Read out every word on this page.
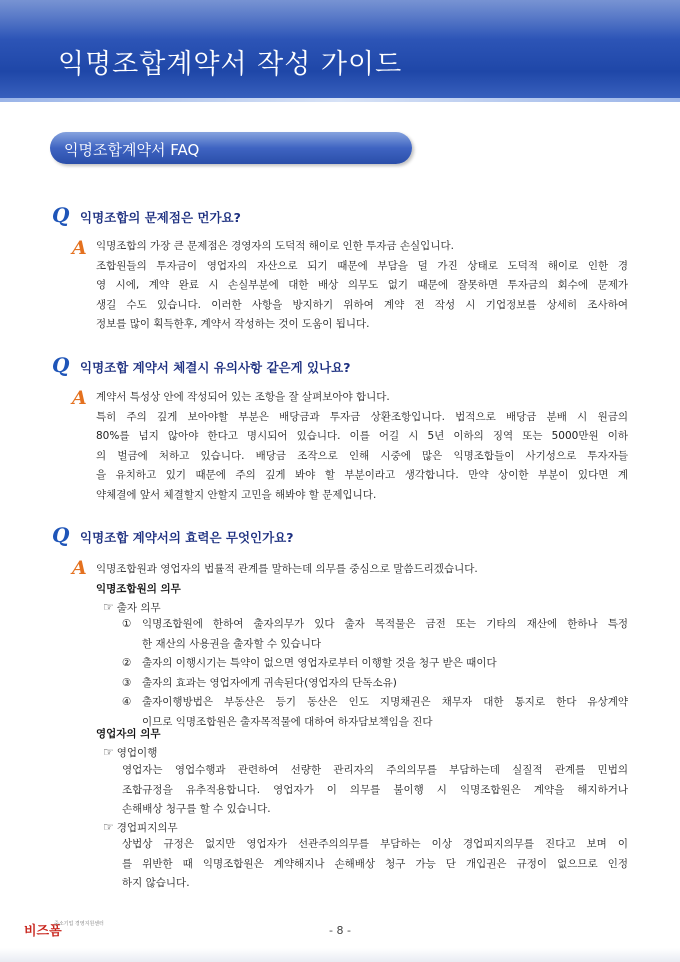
익명조합계약서 작성 가이드
익명조합계약서 FAQ
Q 익명조합의 문제점은 먼가요?
A 익명조합의 가장 큰 문제점은 경영자의 도덕적 해이로 인한 투자금 손실입니다.
조합원들의 투자금이 영업자의 자산으로 되기 때문에 부담을 덜 가진 상태로 도덕적 해이로 인한 경
영 시에, 계약 완료 시 손실부분에 대한 배상 의무도 없기 때문에 잘못하면 투자금의 회수에 문제가
생길 수도 있습니다. 이러한 사항을 방지하기 위하여 계약 전 작성 시 기업정보를 상세히 조사하여
정보를 많이 획득한후, 계약서 작성하는 것이 도움이 됩니다.
Q 익명조합 계약서 체결시 유의사항 같은게 있나요?
A 계약서 특성상 안에 작성되어 있는 조항을 잘 살펴보아야 합니다.
특히 주의 깊게 보아야할 부분은 배당금과 투자금 상환조항입니다. 법적으로 배당금 분배 시 원금의
80%를 넘지 않아야 한다고 명시되어 있습니다. 이를 어길 시 5년 이하의 징역 또는 5000만원 이하
의 벌금에 처하고 있습니다. 배당금 조작으로 인해 시중에 많은 익명조합들이 사기성으로 투자자들
을 유치하고 있기 때문에 주의 깊게 봐야 할 부분이라고 생각합니다. 만약 상이한 부분이 있다면 계
약체결에 앞서 체결할지 안할지 고민을 해봐야 할 문제입니다.
Q 익명조합 계약서의 효력은 무엇인가요?
A 익명조합원과 영업자의 법률적 관계를 말하는데 의무를 중심으로 말씀드리겠습니다.
익명조합원의 의무
☞ 출자 의무
① 익명조합원에 한하여 출자의무가 있다 출자 목적물은 금전 또는 기타의 재산에 한하나 특정
한 재산의 사용권을 출자할 수 있습니다
② 출자의 이행시기는 특약이 없으면 영업자로부터 이행할 것을 청구 받은 때이다
③ 출자의 효과는 영업자에게 귀속된다(영업자의 단독소유)
④ 출자이행방법은 부동산은 등기 동산은 인도 지명채권은 채무자 대한 통지로 한다 유상계약
이므로 익명조합원은 출자목적물에 대하여 하자담보책임을 진다
영업자의 의무
☞ 영업이행
영업자는 영업수행과 관련하여 선량한 관리자의 주의의무를 부담하는데 실질적 관계를 민법의
조합규정을 유추적용합니다. 영업자가 이 의무를 불이행 시 익명조합원은 계약을 해지하거나
손해배상 청구를 할 수 있습니다.
☞ 경업피지의무
상법상 규정은 없지만 영업자가 선관주의의무를 부담하는 이상 경업피지의무를 진다고 보며 이
를 위반한 때 익명조합원은 계약해지나 손해배상 청구 가능 단 개입권은 규정이 없으므로 인정
하지 않습니다.
비즈폼
중소기업 경영지원센터	- 8 -
